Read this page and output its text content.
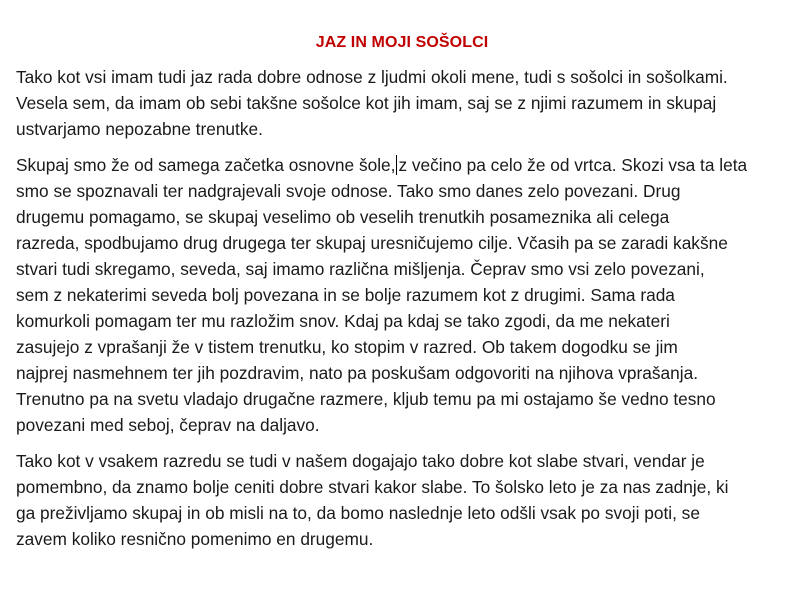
JAZ IN MOJI SOŠOLCI
Tako kot vsi imam tudi jaz rada dobre odnose z ljudmi okoli mene, tudi s sošolci in sošolkami.
Vesela sem, da imam ob sebi takšne sošolce kot jih imam, saj se z njimi razumem in skupaj
ustvarjamo nepozabne trenutke.
Skupaj smo že od samega začetka osnovne šole, z večino pa celo že od vrtca. Skozi vsa ta leta
smo se spoznavali ter nadgrajevali svoje odnose. Tako smo danes zelo povezani. Drug
drugemu pomagamo, se skupaj veselimo ob veselih trenutkih posameznika ali celega
razreda, spodbujamo drug drugega ter skupaj uresničujemo cilje. Včasih pa se zaradi kakšne
stvari tudi skregamo, seveda, saj imamo različna mišljenja. Čeprav smo vsi zelo povezani,
sem z nekaterimi seveda bolj povezana in se bolje razumem kot z drugimi. Sama rada
komurkoli pomagam ter mu razložim snov. Kdaj pa kdaj se tako zgodi, da me nekateri
zasujejo z vprašanji že v tistem trenutku, ko stopim v razred. Ob takem dogodku se jim
najprej nasmehnem ter jih pozdravim, nato pa poskušam odgovoriti na njihova vprašanja.
Trenutno pa na svetu vladajo drugačne razmere, kljub temu pa mi ostajamo še vedno tesno
povezani med seboj, čeprav na daljavo.
Tako kot v vsakem razredu se tudi v našem dogajajo tako dobre kot slabe stvari, vendar je
pomembno, da znamo bolje ceniti dobre stvari kakor slabe. To šolsko leto je za nas zadnje, ki
ga preživljamo skupaj in ob misli na to, da bomo naslednje leto odšli vsak po svoji poti, se
zavem koliko resnično pomenimo en drugemu.
